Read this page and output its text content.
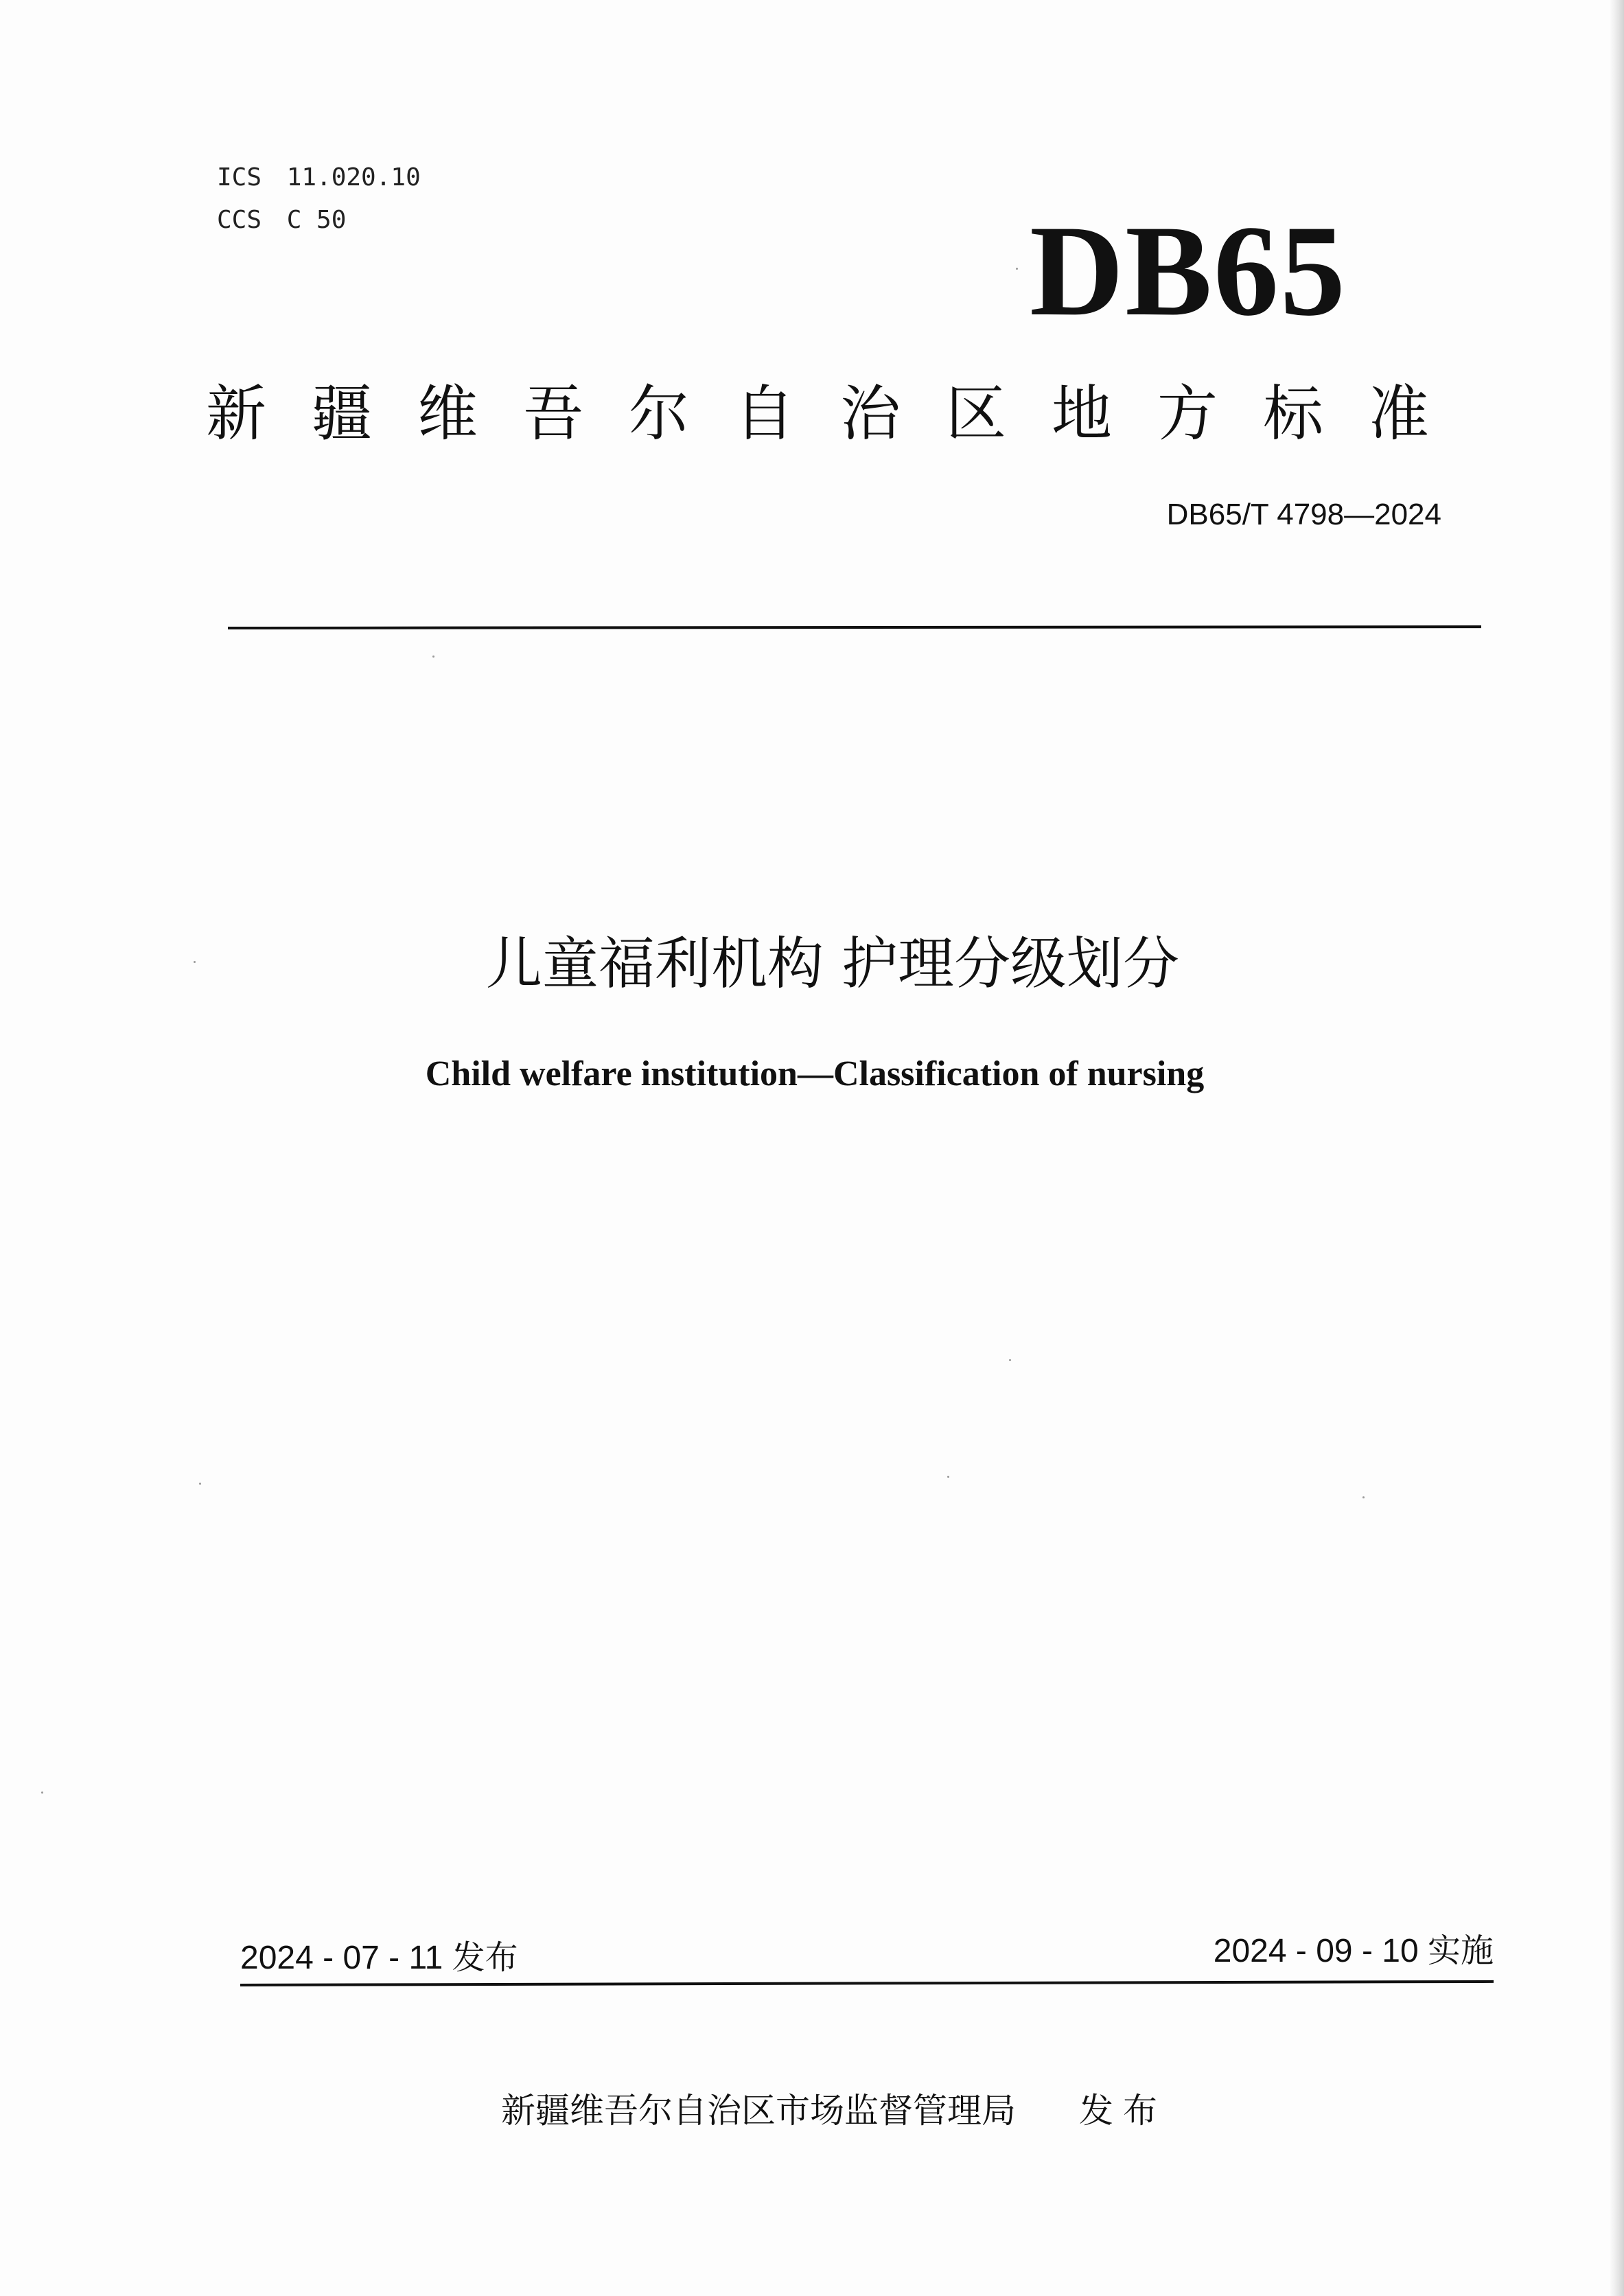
ICS 11.020.10
CCS C 50	DB65
新疆维吾尔自治区地方标准
DB65/T 4798—2024
儿童福利机构 护理分级划分
Child welfare institution—Classification of nursing
2024 - 07 - 11 发布	2024 - 09 - 10 实施
新疆维吾尔自治区市场监督管理局 发布
